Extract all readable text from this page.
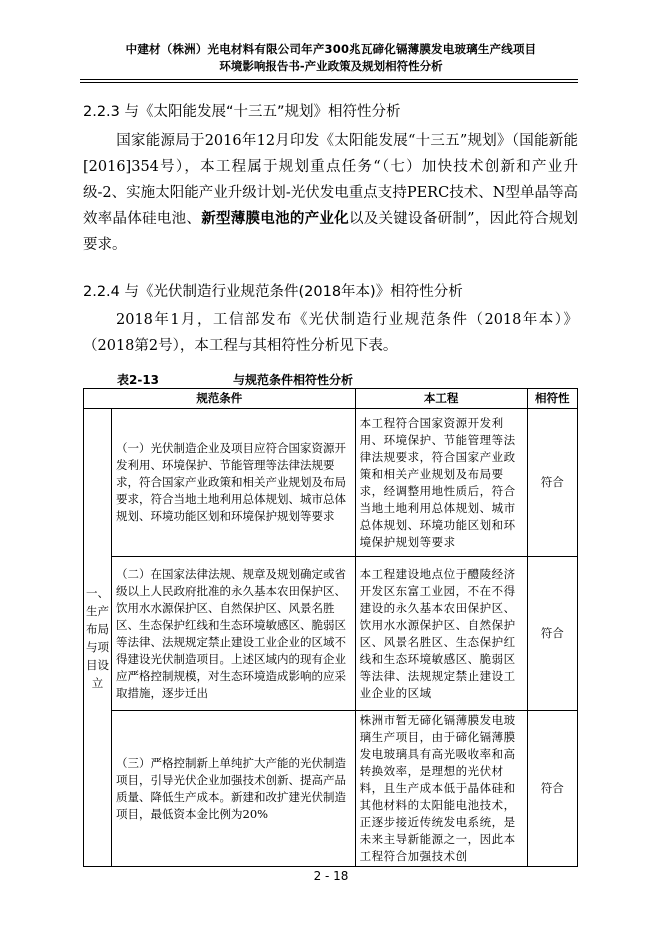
中建材（株洲）光电材料有限公司年产300兆瓦碲化镉薄膜发电玻璃生产线项目
环境影响报告书-产业政策及规划相符性分析
2.2.3 与《太阳能发展“十三五”规划》相符性分析
国家能源局于2016年12月印发《太阳能发展“十三五”规划》（国能新能[2016]354号），本工程属于规划重点任务“（七）加快技术创新和产业升级-2、实施太阳能产业升级计划-光伏发电重点支持PERC技术、N型单晶等高效率晶体硅电池、新型薄膜电池的产业化以及关键设备研制”，因此符合规划要求。
2.2.4 与《光伏制造行业规范条件(2018年本)》相符性分析
2018年1月，工信部发布《光伏制造行业规范条件（2018年本）》（2018第2号），本工程与其相符性分析见下表。
表2-13	与规范条件相符性分析
规范条件		本工程	相符性
一、生产布局与项目设立	（一）光伏制造企业及项目应符合国家资源开发利用、环境保护、节能管理等法律法规要求，符合国家产业政策和相关产业规划及布局要求，符合当地土地利用总体规划、城市总体规划、环境功能区划和环境保护规划等要求	本工程符合国家资源开发利用、环境保护、节能管理等法律法规要求，符合国家产业政策和相关产业规划及布局要求，经调整用地性质后，符合当地土地利用总体规划、城市总体规划、环境功能区划和环境保护规划等要求	符合
	（二）在国家法律法规、规章及规划确定或省级以上人民政府批准的永久基本农田保护区、饮用水水源保护区、自然保护区、风景名胜区、生态保护红线和生态环境敏感区、脆弱区等法律、法规规定禁止建设工业企业的区域不得建设光伏制造项目。上述区域内的现有企业应严格控制规模，对生态环境造成影响的应采取措施，逐步迁出	本工程建设地点位于醴陵经济开发区东富工业园，不在不得建设的永久基本农田保护区、饮用水水源保护区、自然保护区、风景名胜区、生态保护红线和生态环境敏感区、脆弱区等法律、法规规定禁止建设工业企业的区域	符合
	（三）严格控制新上单纯扩大产能的光伏制造项目，引导光伏企业加强技术创新、提高产品质量、降低生产成本。新建和改扩建光伏制造项目，最低资本金比例为20%	株洲市暂无碲化镉薄膜发电玻璃生产项目，由于碲化镉薄膜发电玻璃具有高光吸收率和高转换效率，是理想的光伏材料，且生产成本低于晶体硅和其他材料的太阳能电池技术，正逐步接近传统发电系统，是未来主导新能源之一，因此本工程符合加强技术创	符合
2 - 18
